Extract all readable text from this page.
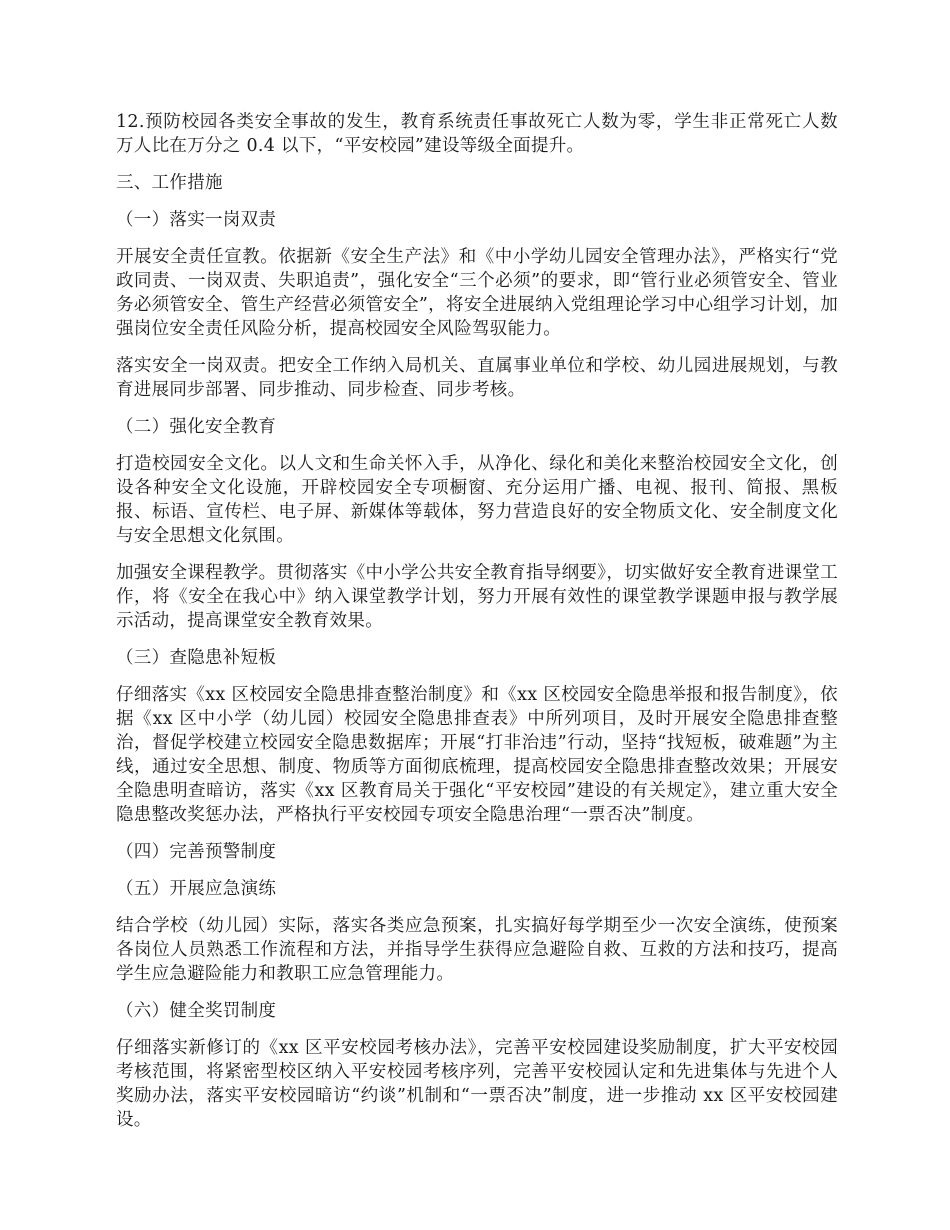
12.预防校园各类安全事故的发生，教育系统责任事故死亡人数为零，学生非正常死亡人数万人比在万分之 0.4 以下，“平安校园”建设等级全面提升。

三、工作措施

（一）落实一岗双责

开展安全责任宣教。依据新《安全生产法》和《中小学幼儿园安全管理办法》，严格实行“党政同责、一岗双责、失职追责”，强化安全“三个必须”的要求，即“管行业必须管安全、管业务必须管安全、管生产经营必须管安全”，将安全进展纳入党组理论学习中心组学习计划，加强岗位安全责任风险分析，提高校园安全风险驾驭能力。

落实安全一岗双责。把安全工作纳入局机关、直属事业单位和学校、幼儿园进展规划，与教育进展同步部署、同步推动、同步检查、同步考核。

（二）强化安全教育

打造校园安全文化。以人文和生命关怀入手，从净化、绿化和美化来整治校园安全文化，创设各种安全文化设施，开辟校园安全专项橱窗、充分运用广播、电视、报刊、简报、黑板报、标语、宣传栏、电子屏、新媒体等载体，努力营造良好的安全物质文化、安全制度文化与安全思想文化氛围。

加强安全课程教学。贯彻落实《中小学公共安全教育指导纲要》，切实做好安全教育进课堂工作，将《安全在我心中》纳入课堂教学计划，努力开展有效性的课堂教学课题申报与教学展示活动，提高课堂安全教育效果。

（三）查隐患补短板

仔细落实《xx 区校园安全隐患排查整治制度》和《xx 区校园安全隐患举报和报告制度》，依据《xx 区中小学（幼儿园）校园安全隐患排查表》中所列项目，及时开展安全隐患排查整治，督促学校建立校园安全隐患数据库；开展“打非治违”行动，坚持“找短板，破难题”为主线，通过安全思想、制度、物质等方面彻底梳理，提高校园安全隐患排查整改效果；开展安全隐患明查暗访，落实《xx 区教育局关于强化“平安校园”建设的有关规定》，建立重大安全隐患整改奖惩办法，严格执行平安校园专项安全隐患治理“一票否决”制度。

（四）完善预警制度

（五）开展应急演练

结合学校（幼儿园）实际，落实各类应急预案，扎实搞好每学期至少一次安全演练，使预案各岗位人员熟悉工作流程和方法，并指导学生获得应急避险自救、互救的方法和技巧，提高学生应急避险能力和教职工应急管理能力。

（六）健全奖罚制度

仔细落实新修订的《xx 区平安校园考核办法》，完善平安校园建设奖励制度，扩大平安校园考核范围，将紧密型校区纳入平安校园考核序列，完善平安校园认定和先进集体与先进个人奖励办法，落实平安校园暗访“约谈”机制和“一票否决”制度，进一步推动 xx 区平安校园建设。
